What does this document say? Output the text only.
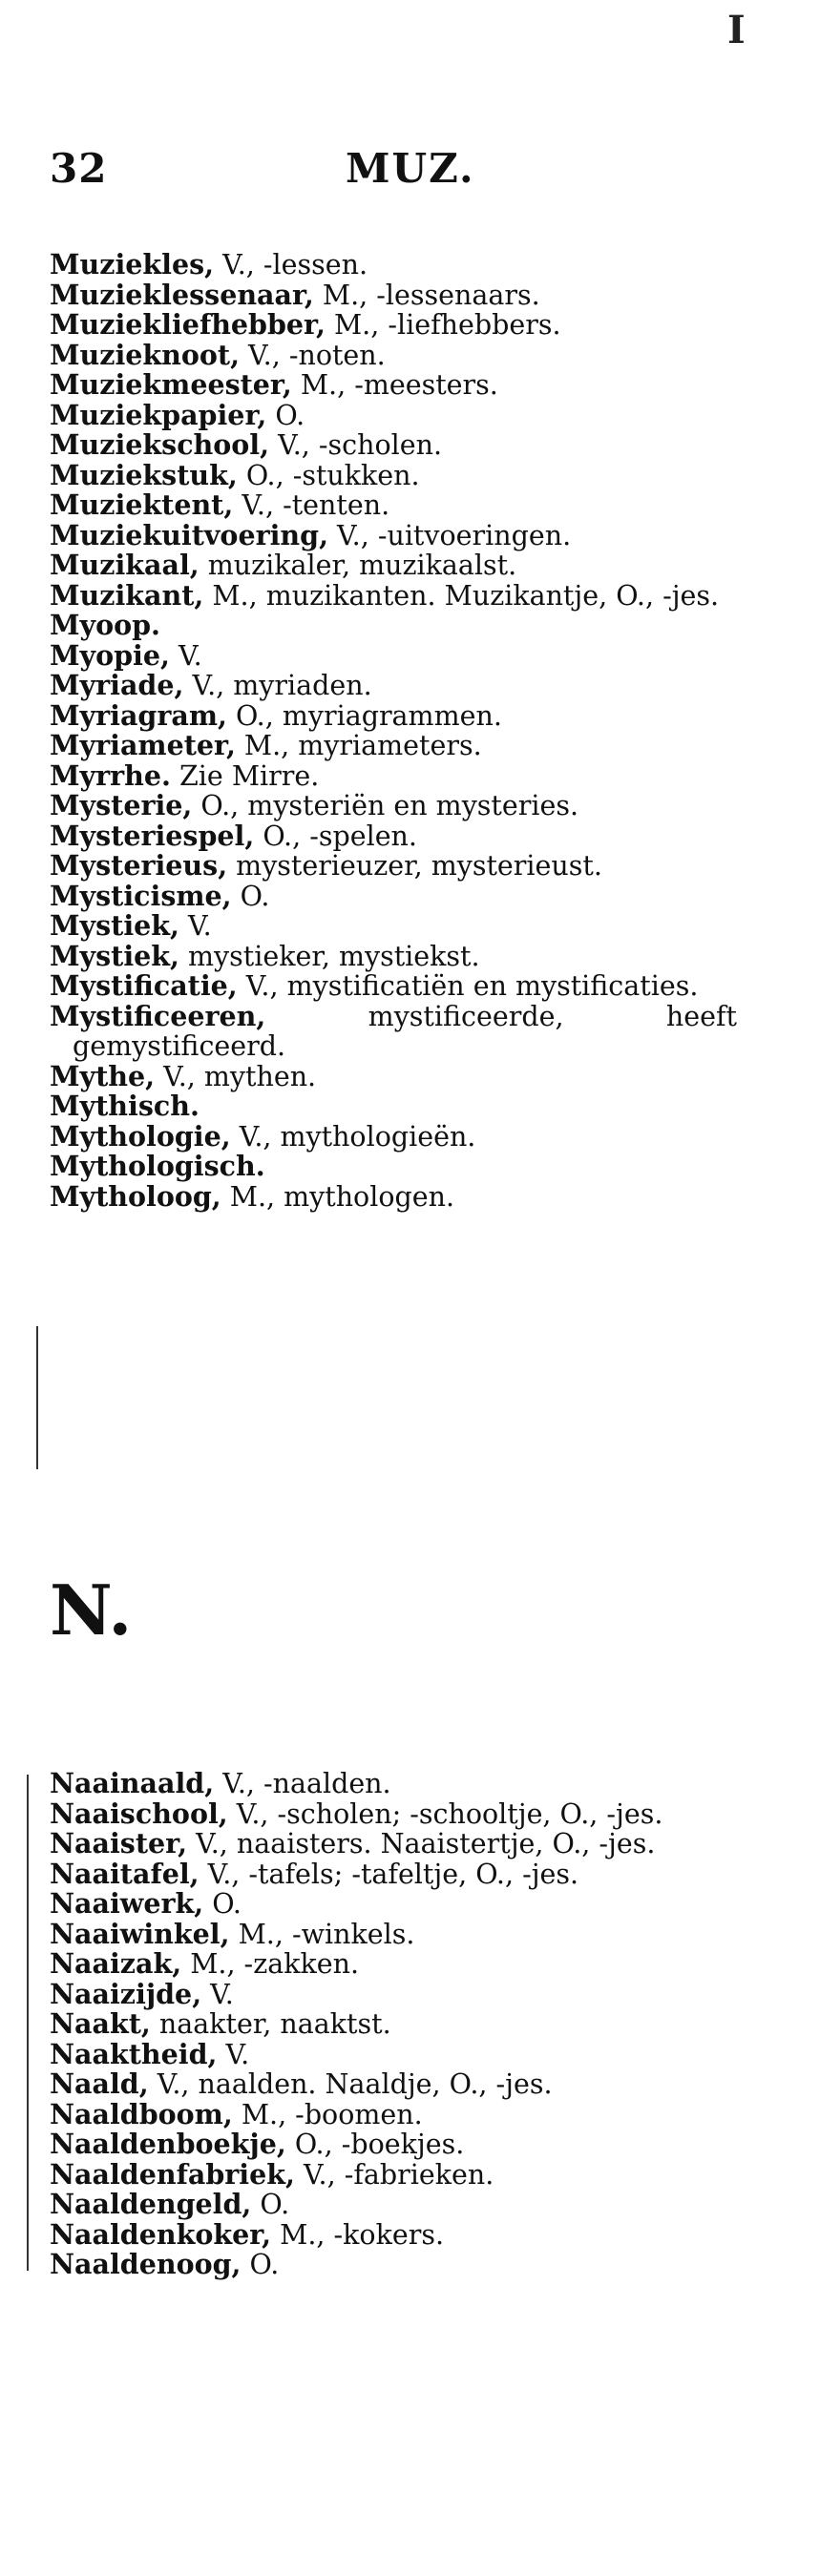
I
32	MUZ.
Muziekles, V., -lessen.
Muzieklessenaar, M., -lessenaars.
Muziekliefhebber, M., -liefhebbers.
Muzieknoot, V., -noten.
Muziekmeester, M., -meesters.
Muziekpapier, O.
Muziekschool, V., -scholen.
Muziekstuk, O., -stukken.
Muziektent, V., -tenten.
Muziekuitvoering, V., -uitvoeringen.
Muzikaal, muzikaler, muzikaalst.
Muzikant, M., muzikanten. Muzikantje, O., -jes.
Myoop.
Myopie, V.
Myriade, V., myriaden.
Myriagram, O., myriagrammen.
Myriameter, M., myriameters.
Myrrhe. Zie Mirre.
Mysterie, O., mysteriën en mysteries.
Mysteriespel, O., -spelen.
Mysterieus, mysterieuzer, mysterieust.
Mysticisme, O.
Mystiek, V.
Mystiek, mystieker, mystiekst.
Mystificatie, V., mystificatiën en mystificaties.
Mystificeeren, mystificeerde, heeft gemystificeerd.
Mythe, V., mythen.
Mythisch.
Mythologie, V., mythologieën.
Mythologisch.
Mytholoog, M., mythologen.
N.
Naainaald, V., -naalden.
Naaischool, V., -scholen; -schooltje, O., -jes.
Naaister, V., naaisters. Naaistertje, O., -jes.
Naaitafel, V., -tafels; -tafeltje, O., -jes.
Naaiwerk, O.
Naaiwinkel, M., -winkels.
Naaizak, M., -zakken.
Naaizijde, V.
Naakt, naakter, naaktst.
Naaktheid, V.
Naald, V., naalden. Naaldje, O., -jes.
Naaldboom, M., -boomen.
Naaldenboekje, O., -boekjes.
Naaldenfabriek, V., -fabrieken.
Naaldengeld, O.
Naaldenkoker, M., -kokers.
Naaldenoog, O.
